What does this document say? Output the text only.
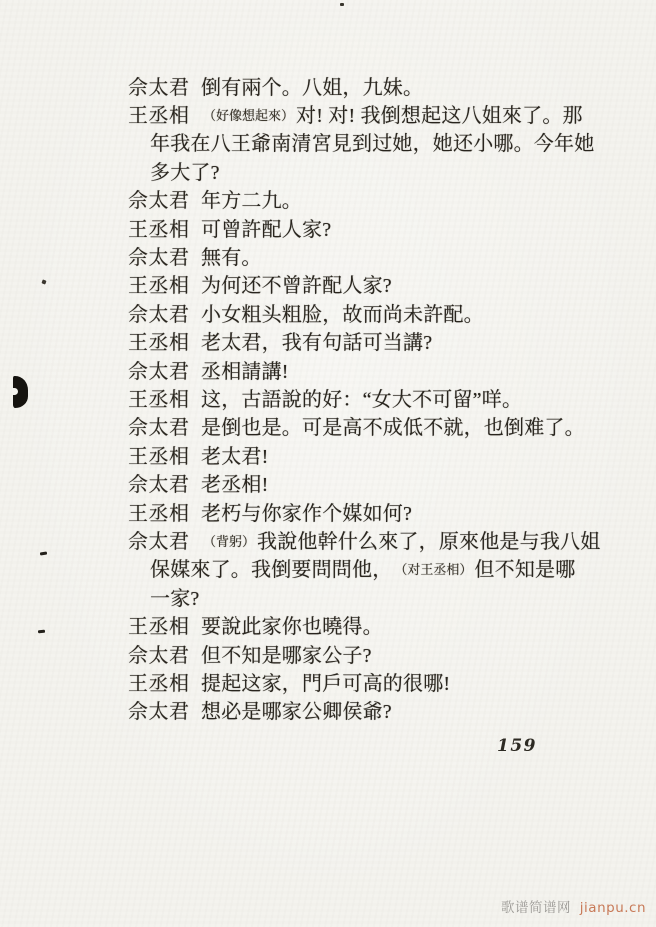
佘太君 倒有兩个。八姐，九妹。
王丞相 （好像想起來） 对! 对! 我倒想起这八姐來了。那
年我在八王爺南清宮見到过她，她还小哪。今年她
多大了?
佘太君 年方二九。
王丞相 可曾許配人家?
佘太君 無有。
王丞相 为何还不曾許配人家?
佘太君 小女粗头粗脸，故而尚未許配。
王丞相 老太君，我有句話可当講?
佘太君 丞相請講!
王丞相 这，古語說的好：“女大不可留”咩。
佘太君 是倒也是。可是高不成低不就，也倒难了。
王丞相 老太君!
佘太君 老丞相!
王丞相 老朽与你家作个媒如何?
佘太君 （背躬） 我說他幹什么來了，原來他是与我八姐
保媒來了。我倒要問問他， （对王丞相） 但不知是哪
一家?
王丞相 要說此家你也曉得。
佘太君 但不知是哪家公子?
王丞相 提起这家，門戶可高的很哪!
佘太君 想必是哪家公卿侯爺?
159
歌谱简谱网 jianpu.cn
